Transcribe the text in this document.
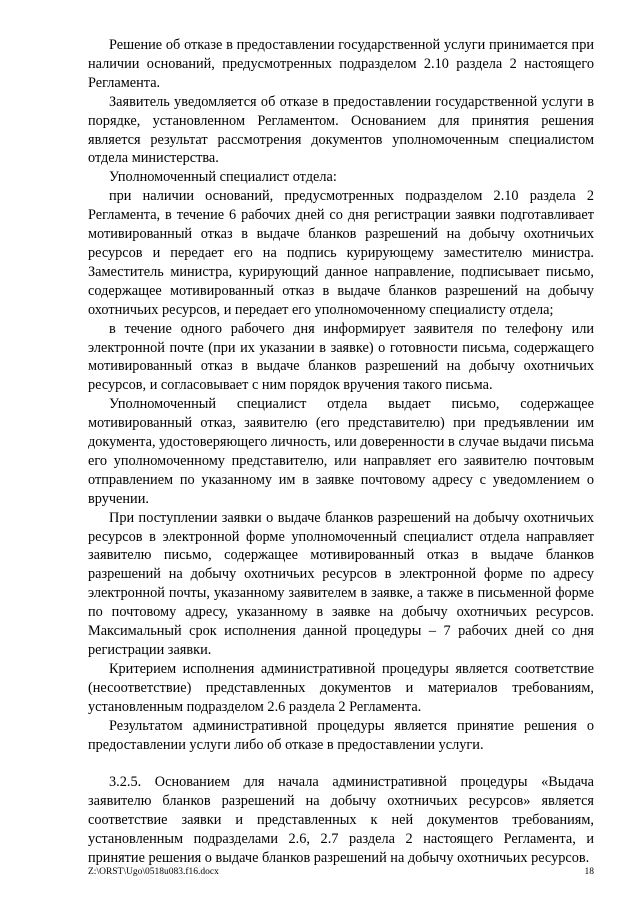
Решение об отказе в предоставлении государственной услуги принимается при наличии оснований, предусмотренных подразделом 2.10 раздела 2 настоящего Регламента.

Заявитель уведомляется об отказе в предоставлении государственной услуги в порядке, установленном Регламентом. Основанием для принятия решения является результат рассмотрения документов уполномоченным специалистом отдела министерства.

Уполномоченный специалист отдела:

при наличии оснований, предусмотренных подразделом 2.10 раздела 2 Регламента, в течение 6 рабочих дней со дня регистрации заявки подготавливает мотивированный отказ в выдаче бланков разрешений на добычу охотничьих ресурсов и передает его на подпись курирующему заместителю министра. Заместитель министра, курирующий данное направление, подписывает письмо, содержащее мотивированный отказ в выдаче бланков разрешений на добычу охотничьих ресурсов, и передает его уполномоченному специалисту отдела;

в течение одного рабочего дня информирует заявителя по телефону или электронной почте (при их указании в заявке) о готовности письма, содержащего мотивированный отказ в выдаче бланков разрешений на добычу охотничьих ресурсов, и согласовывает с ним порядок вручения такого письма.

Уполномоченный специалист отдела выдает письмо, содержащее мотивированный отказ, заявителю (его представителю) при предъявлении им документа, удостоверяющего личность, или доверенности в случае выдачи письма его уполномоченному представителю, или направляет его заявителю почтовым отправлением по указанному им в заявке почтовому адресу с уведомлением о вручении.

При поступлении заявки о выдаче бланков разрешений на добычу охотничьих ресурсов в электронной форме уполномоченный специалист отдела направляет заявителю письмо, содержащее мотивированный отказ в выдаче бланков разрешений на добычу охотничьих ресурсов в электронной форме по адресу электронной почты, указанному заявителем в заявке, а также в письменной форме по почтовому адресу, указанному в заявке на добычу охотничьих ресурсов. Максимальный срок исполнения данной процедуры – 7 рабочих дней со дня регистрации заявки.

Критерием исполнения административной процедуры является соответствие (несоответствие) представленных документов и материалов требованиям, установленным подразделом 2.6 раздела 2 Регламента.

Результатом административной процедуры является принятие решения о предоставлении услуги либо об отказе в предоставлении услуги.

3.2.5. Основанием для начала административной процедуры «Выдача заявителю бланков разрешений на добычу охотничьих ресурсов» является соответствие заявки и представленных к ней документов требованиям, установленным подразделами 2.6, 2.7 раздела 2 настоящего Регламента, и принятие решения о выдаче бланков разрешений на добычу охотничьих ресурсов.

Z:\ORST\Ugo\0518u083.f16.docx	18
